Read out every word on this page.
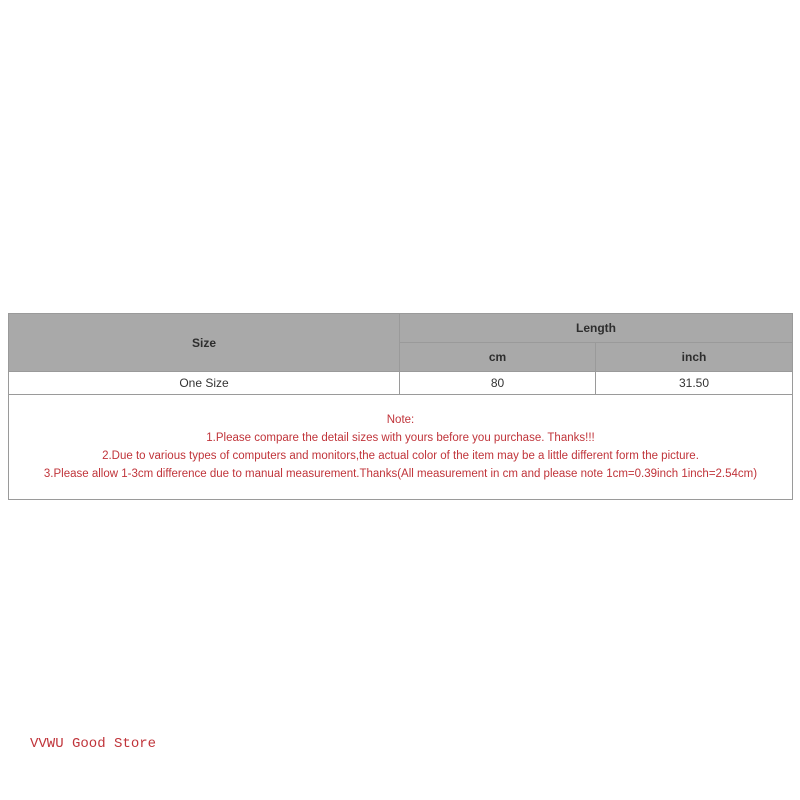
Size	Length	
	cm	inch
One Size	80	31.50

Note:
1.Please compare the detail sizes with yours before you purchase. Thanks!!!
2.Due to various types of computers and monitors,the actual color of the item may be a little different form the picture.
3.Please allow 1-3cm difference due to manual measurement.Thanks(All measurement in cm and please note 1cm=0.39inch 1inch=2.54cm)		
VVWU Good Store
